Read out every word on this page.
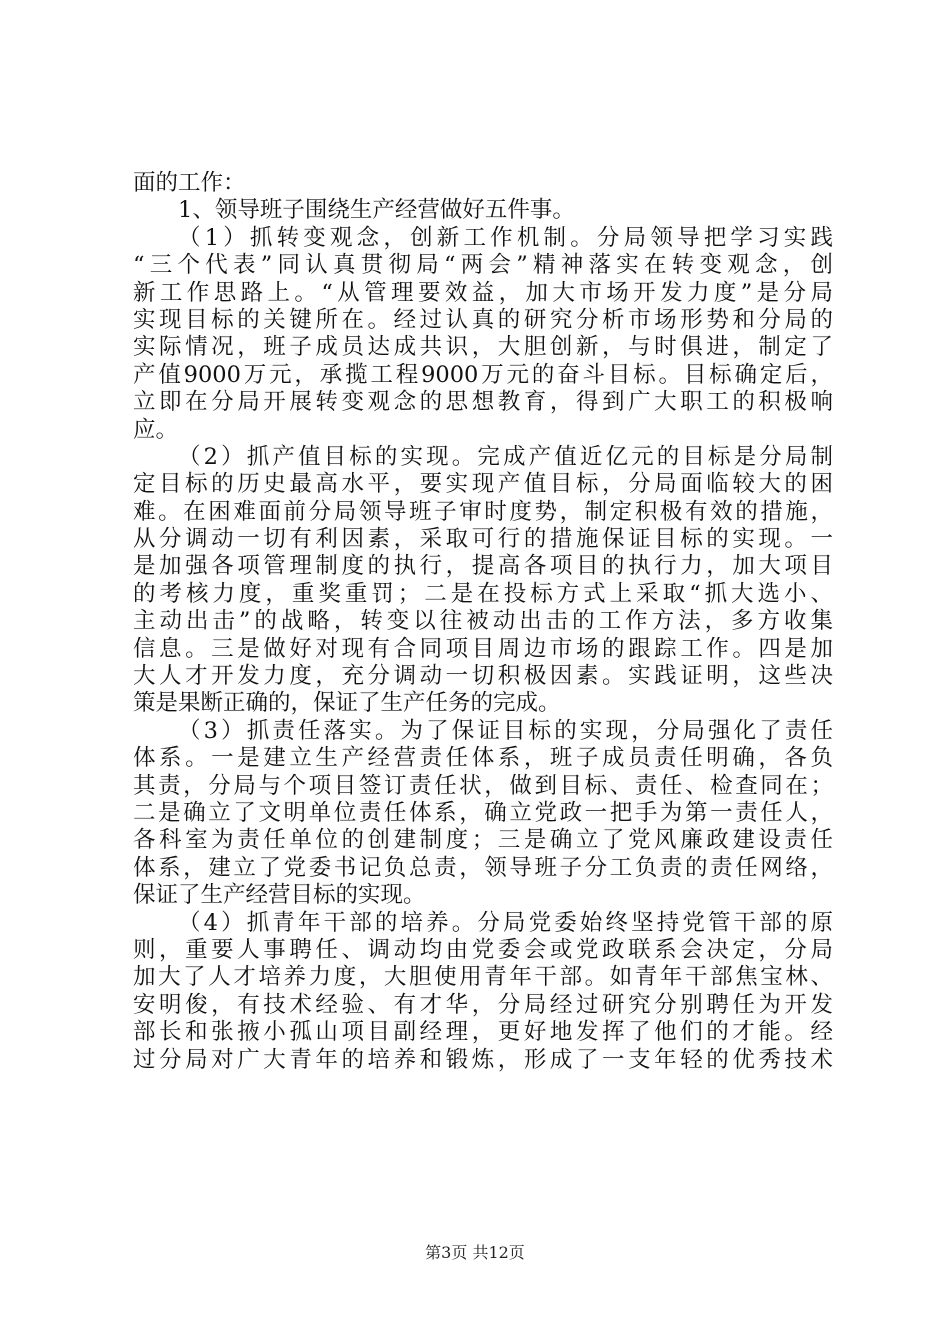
面的工作：
1、领导班子围绕生产经营做好五件事。
（1）抓转变观念，创新工作机制。分局领导把学习实践
“三个代表”同认真贯彻局“两会”精神落实在转变观念，创
新工作思路上。“从管理要效益，加大市场开发力度”是分局
实现目标的关键所在。经过认真的研究分析市场形势和分局的
实际情况，班子成员达成共识，大胆创新，与时俱进，制定了
产值9000万元，承揽工程9000万元的奋斗目标。目标确定后，
立即在分局开展转变观念的思想教育，得到广大职工的积极响
应。
（2）抓产值目标的实现。完成产值近亿元的目标是分局制
定目标的历史最高水平，要实现产值目标，分局面临较大的困
难。在困难面前分局领导班子审时度势，制定积极有效的措施，
从分调动一切有利因素，采取可行的措施保证目标的实现。一
是加强各项管理制度的执行，提高各项目的执行力，加大项目
的考核力度，重奖重罚；二是在投标方式上采取“抓大选小、
主动出击”的战略，转变以往被动出击的工作方法，多方收集
信息。三是做好对现有合同项目周边市场的跟踪工作。四是加
大人才开发力度，充分调动一切积极因素。实践证明，这些决
策是果断正确的，保证了生产任务的完成。
（3）抓责任落实。为了保证目标的实现，分局强化了责任
体系。一是建立生产经营责任体系，班子成员责任明确，各负
其责，分局与个项目签订责任状，做到目标、责任、检查同在；
二是确立了文明单位责任体系，确立党政一把手为第一责任人，
各科室为责任单位的创建制度；三是确立了党风廉政建设责任
体系，建立了党委书记负总责，领导班子分工负责的责任网络，
保证了生产经营目标的实现。
（4）抓青年干部的培养。分局党委始终坚持党管干部的原
则，重要人事聘任、调动均由党委会或党政联系会决定，分局
加大了人才培养力度，大胆使用青年干部。如青年干部焦宝林、
安明俊，有技术经验、有才华，分局经过研究分别聘任为开发
部长和张掖小孤山项目副经理，更好地发挥了他们的才能。经
过分局对广大青年的培养和锻炼，形成了一支年轻的优秀技术
第3页 共12页
